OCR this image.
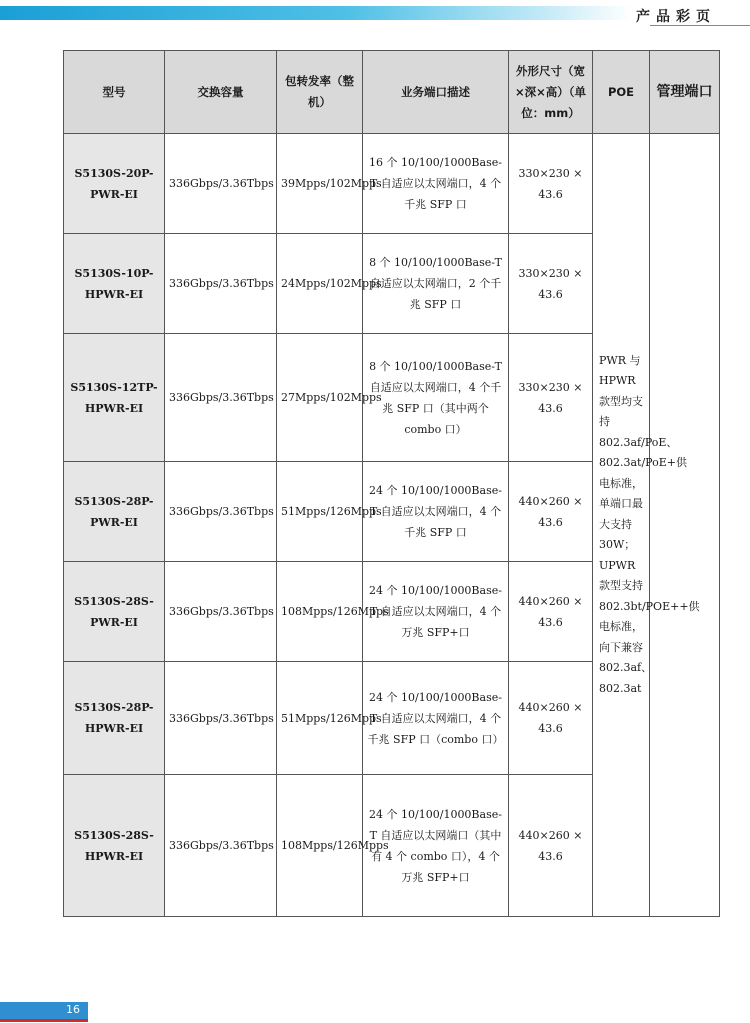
产品彩页
型号	交换容量	包转发率（整机）	业务端口描述	外形尺寸（宽×深×高）（单位：mm）	POE	管理端口
S5130S-20P-PWR-EI	336Gbps/3.36Tbps	39Mpps/102Mpps	16 个 10/100/1000Base-T 自适应以太网端口，4 个千兆 SFP 口	330×230 × 43.6	PWR 与 HPWR 款型均支持 802.3af/PoE、802.3at/PoE+供电标准，单端口最大支持 30W；UPWR 款型支持 802.3bt/POE++供电标准，向下兼容 802.3af、802.3at	
S5130S-10P-HPWR-EI	336Gbps/3.36Tbps	24Mpps/102Mpps	8 个 10/100/1000Base-T 自适应以太网端口，2 个千兆 SFP 口	330×230 × 43.6		
S5130S-12TP-HPWR-EI	336Gbps/3.36Tbps	27Mpps/102Mpps	8 个 10/100/1000Base-T 自适应以太网端口，4 个千兆 SFP 口（其中两个 combo 口）	330×230 × 43.6		
S5130S-28P-PWR-EI	336Gbps/3.36Tbps	51Mpps/126Mpps	24 个 10/100/1000Base-T 自适应以太网端口，4 个千兆 SFP 口	440×260 × 43.6		
S5130S-28S-PWR-EI	336Gbps/3.36Tbps	108Mpps/126Mpps	24 个 10/100/1000Base-T 自适应以太网端口，4 个万兆 SFP+口	440×260 × 43.6		
S5130S-28P-HPWR-EI	336Gbps/3.36Tbps	51Mpps/126Mpps	24 个 10/100/1000Base-T 自适应以太网端口，4 个千兆 SFP 口（combo 口）	440×260 × 43.6		
S5130S-28S-HPWR-EI	336Gbps/3.36Tbps	108Mpps/126Mpps	24 个 10/100/1000Base-T 自适应以太网端口（其中有 4 个 combo 口），4 个万兆 SFP+口	440×260 × 43.6		
16
